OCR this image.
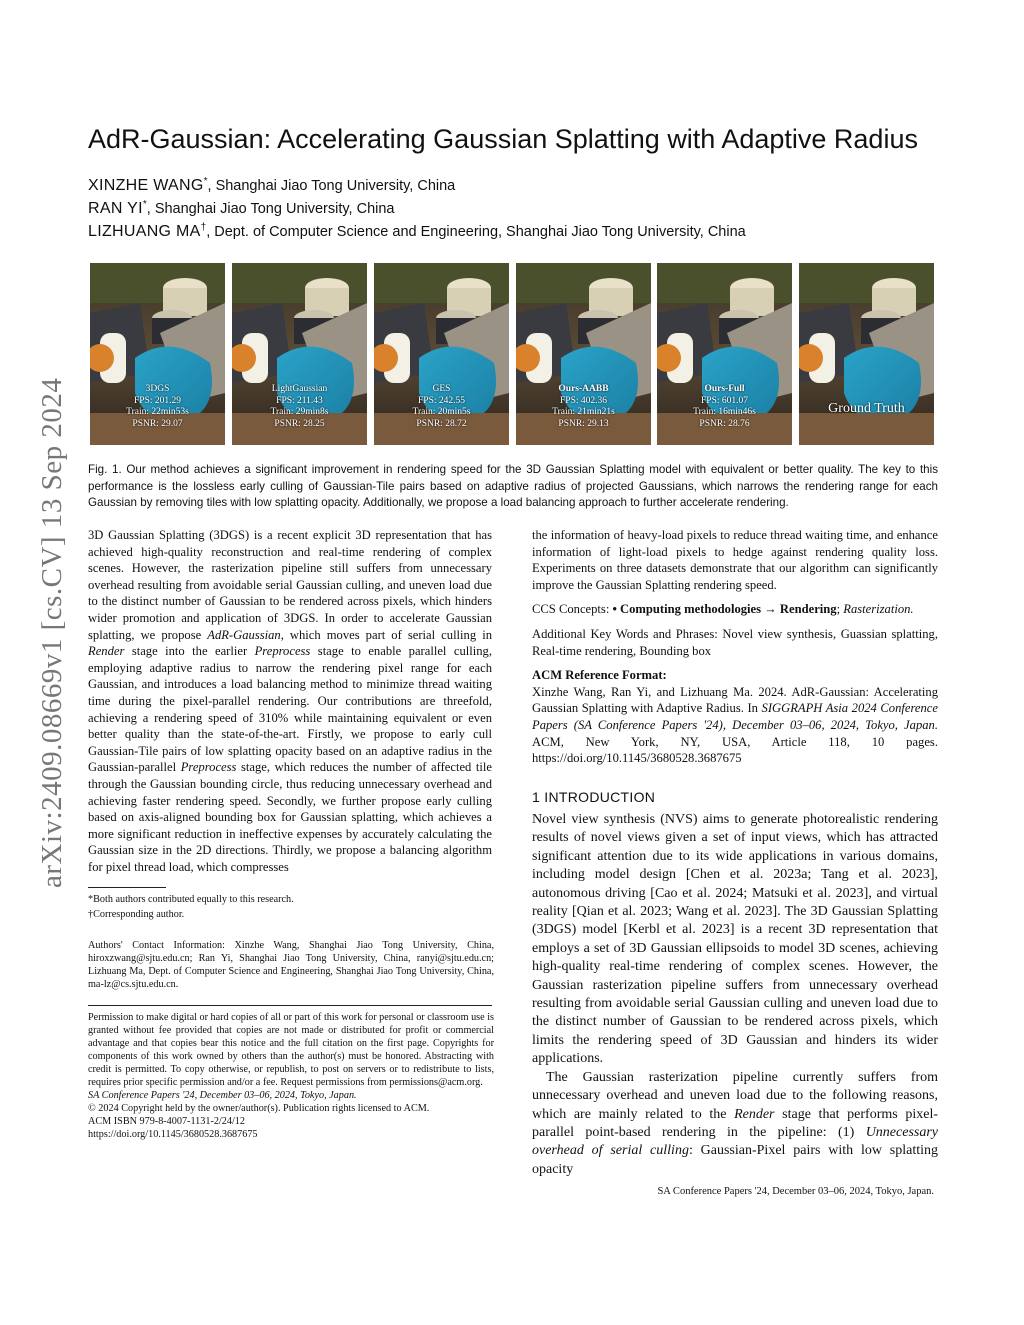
arXiv:2409.08669v1 [cs.CV] 13 Sep 2024
AdR-Gaussian: Accelerating Gaussian Splatting with Adaptive Radius
XINZHE WANG*, Shanghai Jiao Tong University, China
RAN YI*, Shanghai Jiao Tong University, China
LIZHUANG MA†, Dept. of Computer Science and Engineering, Shanghai Jiao Tong University, China
3DGS
FPS: 201.29
Train: 22min53s
PSNR: 29.07
LightGaussian
FPS: 211.43
Train: 29min8s
PSNR: 28.25
GES
FPS: 242.55
Train: 20min5s
PSNR: 28.72
Ours-AABB
FPS: 402.36
Train: 21min21s
PSNR: 29.13
Ours-Full
FPS: 601.07
Train: 16min46s
PSNR: 28.76
Ground Truth
Fig. 1. Our method achieves a significant improvement in rendering speed for the 3D Gaussian Splatting model with equivalent or better quality. The key to this performance is the lossless early culling of Gaussian-Tile pairs based on adaptive radius of projected Gaussians, which narrows the rendering range for each Gaussian by removing tiles with low splatting opacity. Additionally, we propose a load balancing approach to further accelerate rendering.

3D Gaussian Splatting (3DGS) is a recent explicit 3D representation that has achieved high-quality reconstruction and real-time rendering of complex scenes. However, the rasterization pipeline still suffers from unnecessary overhead resulting from avoidable serial Gaussian culling, and uneven load due to the distinct number of Gaussian to be rendered across pixels, which hinders wider promotion and application of 3DGS. In order to accelerate Gaussian splatting, we propose AdR-Gaussian, which moves part of serial culling in Render stage into the earlier Preprocess stage to enable parallel culling, employing adaptive radius to narrow the rendering pixel range for each Gaussian, and introduces a load balancing method to minimize thread waiting time during the pixel-parallel rendering. Our contributions are threefold, achieving a rendering speed of 310% while maintaining equivalent or even better quality than the state-of-the-art. Firstly, we propose to early cull Gaussian-Tile pairs of low splatting opacity based on an adaptive radius in the Gaussian-parallel Preprocess stage, which reduces the number of affected tile through the Gaussian bounding circle, thus reducing unnecessary overhead and achieving faster rendering speed. Secondly, we further propose early culling based on axis-aligned bounding box for Gaussian splatting, which achieves a more significant reduction in ineffective expenses by accurately calculating the Gaussian size in the 2D directions. Thirdly, we propose a balancing algorithm for pixel thread load, which compresses

*Both authors contributed equally to this research.
†Corresponding author.
Authors' Contact Information: Xinzhe Wang, Shanghai Jiao Tong University, China, hiroxzwang@sjtu.edu.cn; Ran Yi, Shanghai Jiao Tong University, China, ranyi@sjtu.edu.cn; Lizhuang Ma, Dept. of Computer Science and Engineering, Shanghai Jiao Tong University, China, ma-lz@cs.sjtu.edu.cn.
Permission to make digital or hard copies of all or part of this work for personal or classroom use is granted without fee provided that copies are not made or distributed for profit or commercial advantage and that copies bear this notice and the full citation on the first page. Copyrights for components of this work owned by others than the author(s) must be honored. Abstracting with credit is permitted. To copy otherwise, or republish, to post on servers or to redistribute to lists, requires prior specific permission and/or a fee. Request permissions from permissions@acm.org.
SA Conference Papers '24, December 03–06, 2024, Tokyo, Japan.
© 2024 Copyright held by the owner/author(s). Publication rights licensed to ACM.
ACM ISBN 979-8-4007-1131-2/24/12
https://doi.org/10.1145/3680528.3687675

the information of heavy-load pixels to reduce thread waiting time, and enhance information of light-load pixels to hedge against rendering quality loss. Experiments on three datasets demonstrate that our algorithm can significantly improve the Gaussian Splatting rendering speed.

CCS Concepts: • Computing methodologies → Rendering; Rasterization.

Additional Key Words and Phrases: Novel view synthesis, Guassian splatting, Real-time rendering, Bounding box

ACM Reference Format:

Xinzhe Wang, Ran Yi, and Lizhuang Ma. 2024. AdR-Gaussian: Accelerating Gaussian Splatting with Adaptive Radius. In SIGGRAPH Asia 2024 Conference Papers (SA Conference Papers '24), December 03–06, 2024, Tokyo, Japan. ACM, New York, NY, USA, Article 118, 10 pages. https://doi.org/10.1145/3680528.3687675

1 INTRODUCTION

Novel view synthesis (NVS) aims to generate photorealistic rendering results of novel views given a set of input views, which has attracted significant attention due to its wide applications in various domains, including model design [Chen et al. 2023a; Tang et al. 2023], autonomous driving [Cao et al. 2024; Matsuki et al. 2023], and virtual reality [Qian et al. 2023; Wang et al. 2023]. The 3D Gaussian Splatting (3DGS) model [Kerbl et al. 2023] is a recent 3D representation that employs a set of 3D Gaussian ellipsoids to model 3D scenes, achieving high-quality real-time rendering of complex scenes. However, the Gaussian rasterization pipeline suffers from unnecessary overhead resulting from avoidable serial Gaussian culling and uneven load due to the distinct number of Gaussian to be rendered across pixels, which limits the rendering speed of 3D Gaussian and hinders its wider applications.

The Gaussian rasterization pipeline currently suffers from unnecessary overhead and uneven load due to the following reasons, which are mainly related to the Render stage that performs pixel-parallel point-based rendering in the pipeline: (1) Unnecessary overhead of serial culling: Gaussian-Pixel pairs with low splatting opacity

SA Conference Papers '24, December 03–06, 2024, Tokyo, Japan.
